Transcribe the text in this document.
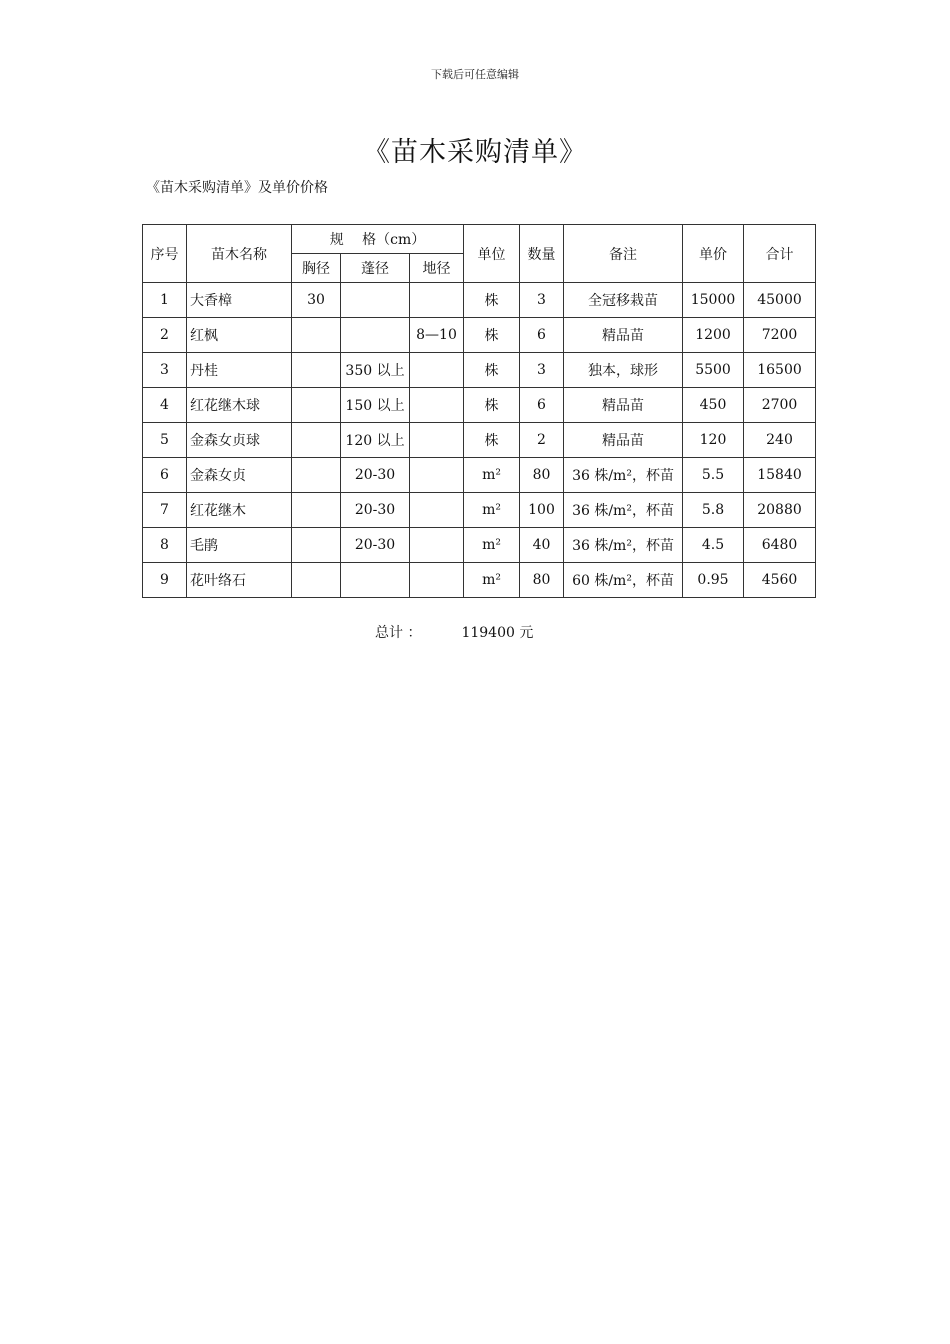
下载后可任意编辑
《苗木采购清单》
《苗木采购清单》及单价价格
序号	苗木名称	规　 格（cm）			单位	数量	备注	单价	合计
		胸径	蓬径	地径					
1	大香樟	30			株	3	全冠移栽苗	15000	45000
2	红枫			8—10	株	6	精品苗	1200	7200
3	丹桂		350 以上		株	3	独本，球形	5500	16500
4	红花继木球		150 以上		株	6	精品苗	450	2700
5	金森女贞球		120 以上		株	2	精品苗	120	240
6	金森女贞		20-30		m²	80	36 株/m²，杯苗	5.5	15840
7	红花继木		20-30		m²	100	36 株/m²，杯苗	5.8	20880
8	毛鹃		20-30		m²	40	36 株/m²，杯苗	4.5	6480
9	花叶络石				m²	80	60 株/m²，杯苗	0.95	4560
总计 ：	119400 元
